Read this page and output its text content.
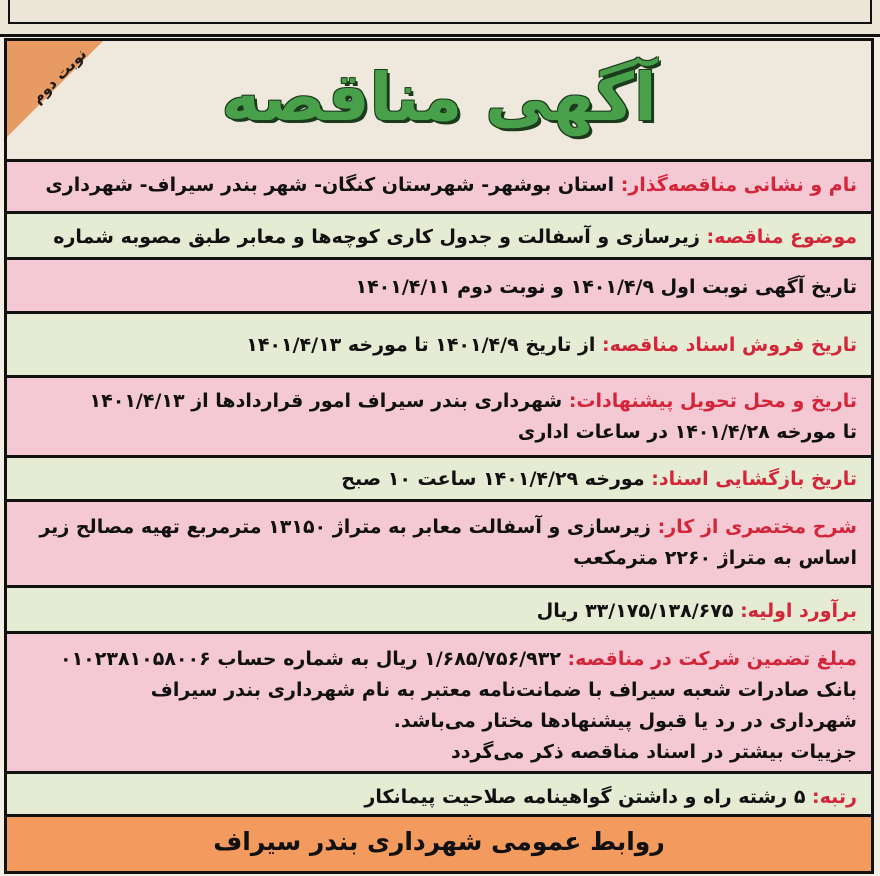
نوبت دوم	آگهی مناقصه

نام و نشانی مناقصه‌گذار: استان بوشهر- شهرستان کنگان- شهر بندر سیراف- شهرداری

موضوع مناقصه: زیرسازی و آسفالت و جدول کاری کوچه‌ها و معابر طبق مصوبه شماره

تاریخ آگهی نوبت اول ۱۴۰۱/۴/۹ و نوبت دوم ۱۴۰۱/۴/۱۱

تاریخ فروش اسناد مناقصه: از تاریخ ۱۴۰۱/۴/۹ تا مورخه ۱۴۰۱/۴/۱۳

تاریخ و محل تحویل پیشنهادات: شهرداری بندر سیراف امور قراردادها از ۱۴۰۱/۴/۱۳

تا مورخه ۱۴۰۱/۴/۲۸ در ساعات اداری

تاریخ بازگشایی اسناد: مورخه ۱۴۰۱/۴/۲۹ ساعت ۱۰ صبح

شرح مختصری از کار: زیرسازی و آسفالت معابر به متراژ ۱۳۱۵۰ مترمربع تهیه مصالح زیر

اساس به متراژ ۲۲۶۰ مترمکعب

برآورد اولیه: ۳۳/۱۷۵/۱۳۸/۶۷۵ ریال

مبلغ تضمین شرکت در مناقصه: ۱/۶۸۵/۷۵۶/۹۳۲ ریال به شماره حساب ۰۱۰۲۳۸۱۰۵۸۰۰۶

بانک صادرات شعبه سیراف با ضمانت‌نامه معتبر به نام شهرداری بندر سیراف

شهرداری در رد یا قبول پیشنهادها مختار می‌باشد.

جزییات بیشتر در اسناد مناقصه ذکر می‌گردد

رتبه: ۵ رشته راه و داشتن گواهینامه صلاحیت پیمانکار

روابط عمومی شهرداری بندر سیراف
